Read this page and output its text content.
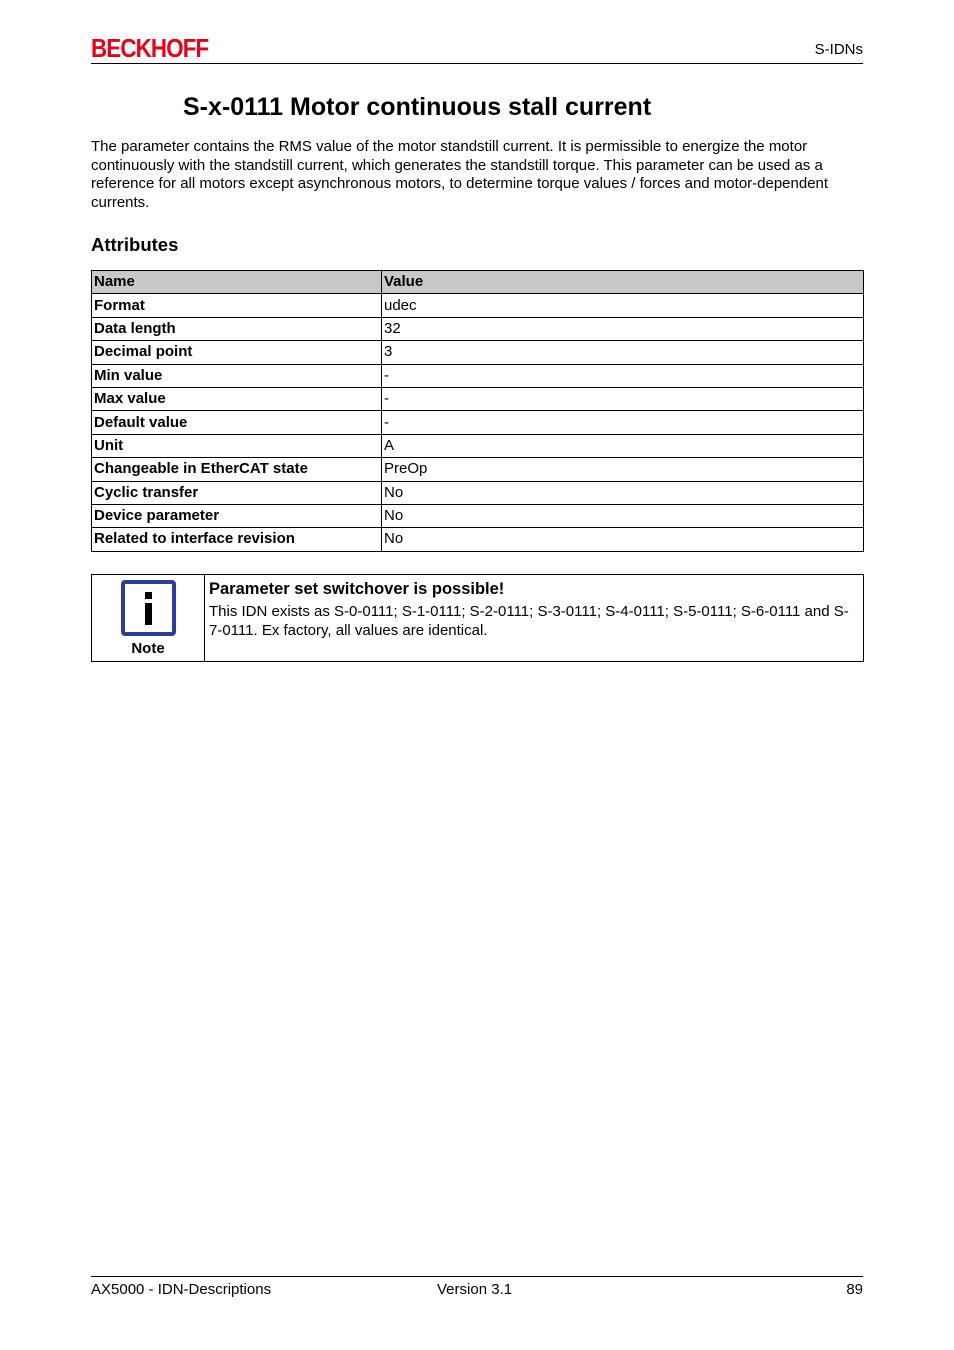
BECKHOFF	S-IDNs
S-x-0111 Motor continuous stall current

The parameter contains the RMS value of the motor standstill current. It is permissible to energize the motor continuously with the standstill current, which generates the standstill torque. This parameter can be used as a reference for all motors except asynchronous motors, to determine torque values / forces and motor-dependent currents.

Attributes
Name	Value
Format	udec
Data length	32
Decimal point	3
Min value	-
Max value	-
Default value	-
Unit	A
Changeable in EtherCAT state	PreOp
Cyclic transfer	No
Device parameter	No
Related to interface revision	No
Note

Parameter set switchover is possible!

This IDN exists as S-0-0111; S-1-0111; S-2-0111; S-3-0111; S-4-0111; S-5-0111; S-6-0111 and S-7-0111. Ex factory, all values are identical.

AX5000 - IDN-Descriptions	Version 3.1	89
